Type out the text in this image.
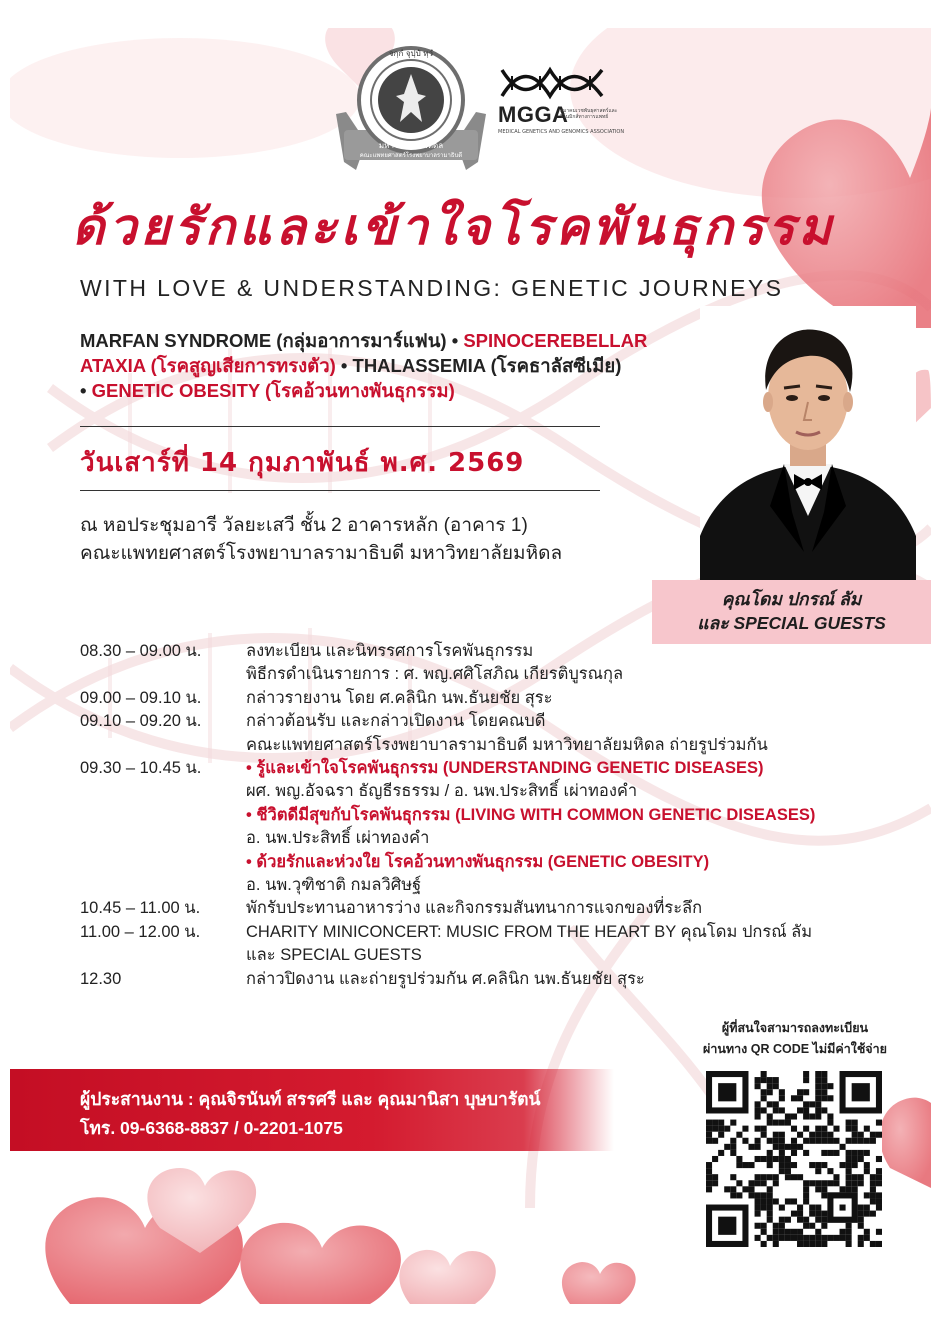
จกฺกํ จุปฺปํ ทฺวํ
มหาวิทยาลัยมหิดล
คณะแพทยศาสตร์โรงพยาบาลรามาธิบดี
MGGA
สมาคมเวชพันธุศาสตร์และจีโนมิกส์ทางการแพทย์
MEDICAL GENETICS AND GENOMICS ASSOCIATION
ด้วยรักและเข้าใจโรคพันธุกรรม
WITH LOVE & UNDERSTANDING: GENETIC JOURNEYS
MARFAN SYNDROME (กลุ่มอาการมาร์แฟน) • SPINOCEREBELLAR
ATAXIA (โรคสูญเสียการทรงตัว) • THALASSEMIA (โรคธาลัสซีเมีย)
• GENETIC OBESITY (โรคอ้วนทางพันธุกรรม)
วันเสาร์ที่ 14 กุมภาพันธ์ พ.ศ. 2569
ณ หอประชุมอารี วัลยะเสวี ชั้น 2 อาคารหลัก (อาคาร 1)
คณะแพทยศาสตร์โรงพยาบาลรามาธิบดี มหาวิทยาลัยมหิดล
คุณโดม ปกรณ์ ลัม
และ SPECIAL GUESTS
08.30 – 09.00 น.	ลงทะเบียน และนิทรรศการโรคพันธุกรรม
พิธีกรดำเนินรายการ : ศ. พญ.ศศิโสภิณ เกียรติบูรณกุล
09.00 – 09.10 น.	กล่าวรายงาน โดย ศ.คลินิก นพ.ธันยชัย สุระ
09.10 – 09.20 น.	กล่าวต้อนรับ และกล่าวเปิดงาน โดยคณบดี
คณะแพทยศาสตร์โรงพยาบาลรามาธิบดี มหาวิทยาลัยมหิดล ถ่ายรูปร่วมกัน
09.30 – 10.45 น.	• รู้และเข้าใจโรคพันธุกรรม (UNDERSTANDING GENETIC DISEASES)
ผศ. พญ.อัจฉรา ธัญธีรธรรม / อ. นพ.ประสิทธิ์ เผ่าทองคำ
• ชีวิตดีมีสุขกับโรคพันธุกรรม (LIVING WITH COMMON GENETIC DISEASES)
อ. นพ.ประสิทธิ์ เผ่าทองคำ
• ด้วยรักและห่วงใย โรคอ้วนทางพันธุกรรม (GENETIC OBESITY)
อ. นพ.วุฑิชาติ กมลวิศิษฐ์
10.45 – 11.00 น.	พักรับประทานอาหารว่าง และกิจกรรมสันทนาการแจกของที่ระลึก
11.00 – 12.00 น.	CHARITY MINICONCERT: MUSIC FROM THE HEART BY คุณโดม ปกรณ์ ลัม
และ SPECIAL GUESTS
12.30	กล่าวปิดงาน และถ่ายรูปร่วมกัน ศ.คลินิก นพ.ธันยชัย สุระ
ผู้ประสานงาน : คุณจิรนันท์ สรรศรี และ คุณมานิสา บุษบารัตน์
โทร. 09-6368-8837 / 0-2201-1075
ผู้ที่สนใจสามารถลงทะเบียน
ผ่านทาง QR CODE ไม่มีค่าใช้จ่าย
